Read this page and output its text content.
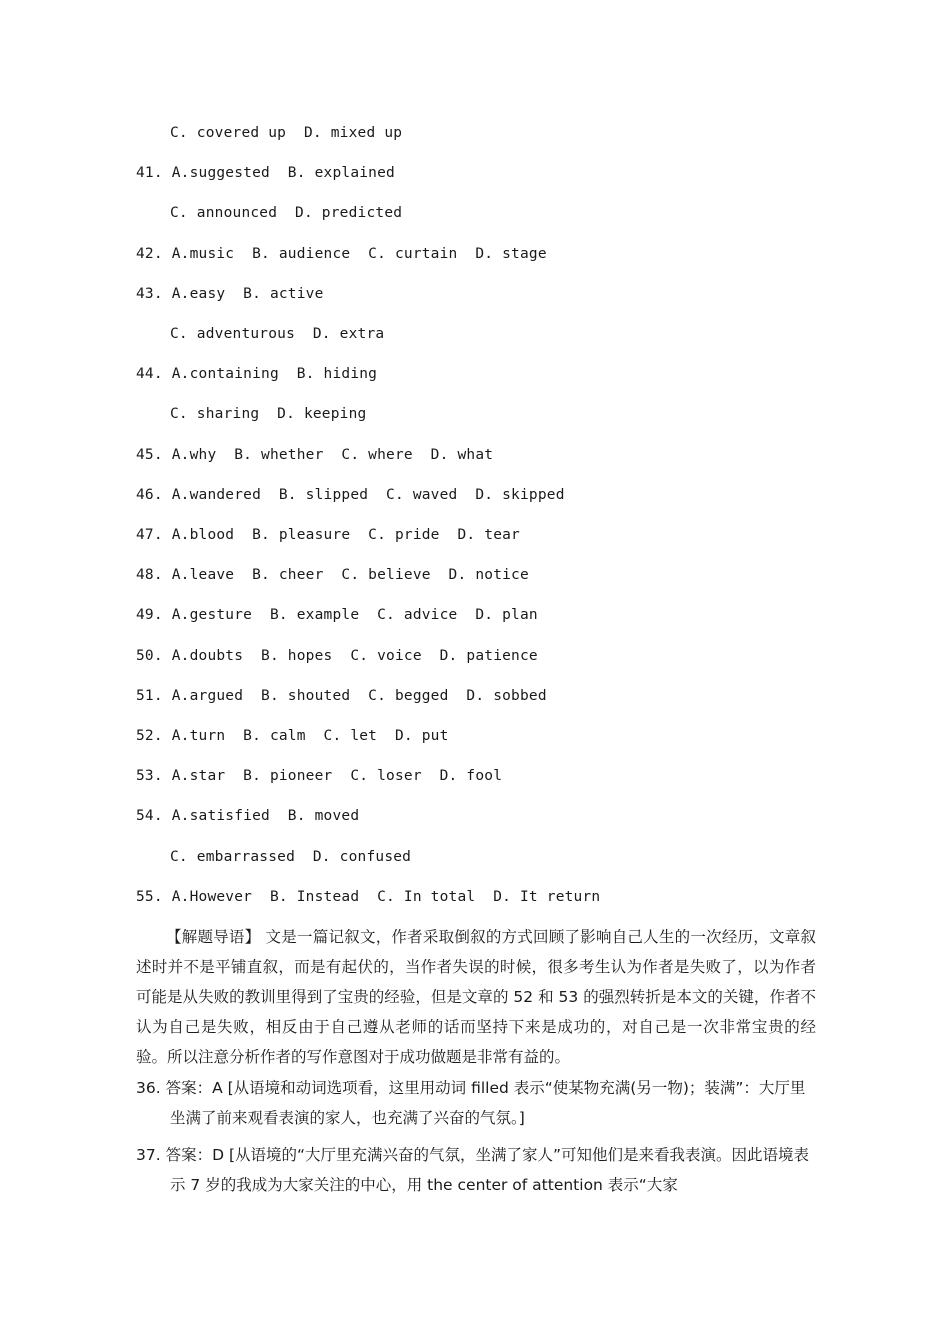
C. covered up  D. mixed up
41. A.suggested  B. explained
C. announced  D. predicted
42. A.music  B. audience  C. curtain  D. stage
43. A.easy  B. active
C. adventurous  D. extra
44. A.containing  B. hiding
C. sharing  D. keeping
45. A.why  B. whether  C. where  D. what
46. A.wandered  B. slipped  C. waved  D. skipped
47. A.blood  B. pleasure  C. pride  D. tear
48. A.leave  B. cheer  C. believe  D. notice
49. A.gesture  B. example  C. advice  D. plan
50. A.doubts  B. hopes  C. voice  D. patience
51. A.argued  B. shouted  C. begged  D. sobbed
52. A.turn  B. calm  C. let  D. put
53. A.star  B. pioneer  C. loser  D. fool
54. A.satisfied  B. moved
C. embarrassed  D. confused
55. A.However  B. Instead  C. In total  D. It return
【解题导语】 文是一篇记叙文，作者采取倒叙的方式回顾了影响自己人生的一次经历，文章叙述时并不是平铺直叙，而是有起伏的，当作者失误的时候，很多考生认为作者是失败了，以为作者可能是从失败的教训里得到了宝贵的经验，但是文章的 52 和 53 的强烈转折是本文的关键，作者不认为自己是失败，相反由于自己遵从老师的话而坚持下来是成功的，对自己是一次非常宝贵的经验。所以注意分析作者的写作意图对于成功做题是非常有益的。
36. 答案：A [从语境和动词选项看，这里用动词 filled 表示“使某物充满(另一物)；装满”：大厅里坐满了前来观看表演的家人，也充满了兴奋的气氛。]
37. 答案：D [从语境的“大厅里充满兴奋的气氛，坐满了家人”可知他们是来看我表演。因此语境表示 7 岁的我成为大家关注的中心，用 the center of attention 表示“大家
